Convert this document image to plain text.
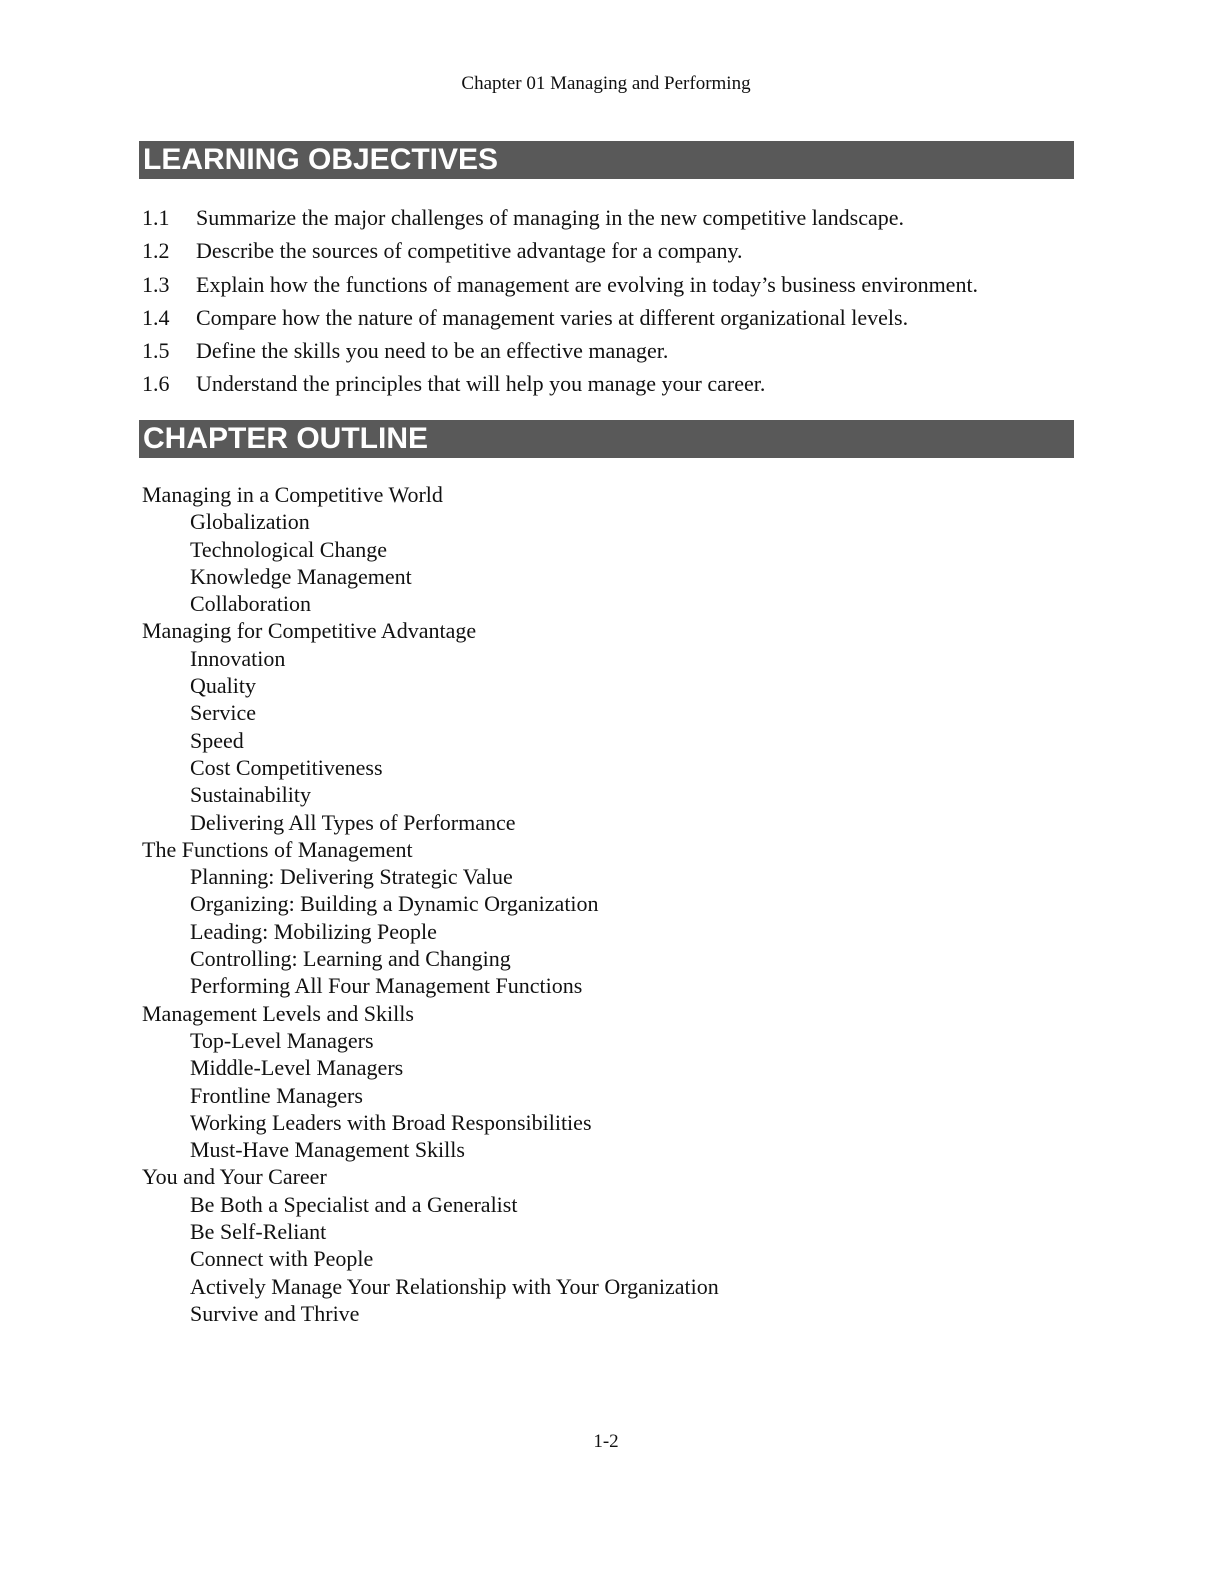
Chapter 01 Managing and Performing
LEARNING OBJECTIVES
1.1 Summarize the major challenges of managing in the new competitive landscape.
1.2 Describe the sources of competitive advantage for a company.
1.3 Explain how the functions of management are evolving in today’s business environment.
1.4 Compare how the nature of management varies at different organizational levels.
1.5 Define the skills you need to be an effective manager.
1.6 Understand the principles that will help you manage your career.
CHAPTER OUTLINE
Managing in a Competitive World
Globalization
Technological Change
Knowledge Management
Collaboration
Managing for Competitive Advantage
Innovation
Quality
Service
Speed
Cost Competitiveness
Sustainability
Delivering All Types of Performance
The Functions of Management
Planning: Delivering Strategic Value
Organizing: Building a Dynamic Organization
Leading: Mobilizing People
Controlling: Learning and Changing
Performing All Four Management Functions
Management Levels and Skills
Top-Level Managers
Middle-Level Managers
Frontline Managers
Working Leaders with Broad Responsibilities
Must-Have Management Skills
You and Your Career
Be Both a Specialist and a Generalist
Be Self-Reliant
Connect with People
Actively Manage Your Relationship with Your Organization
Survive and Thrive
1-2
